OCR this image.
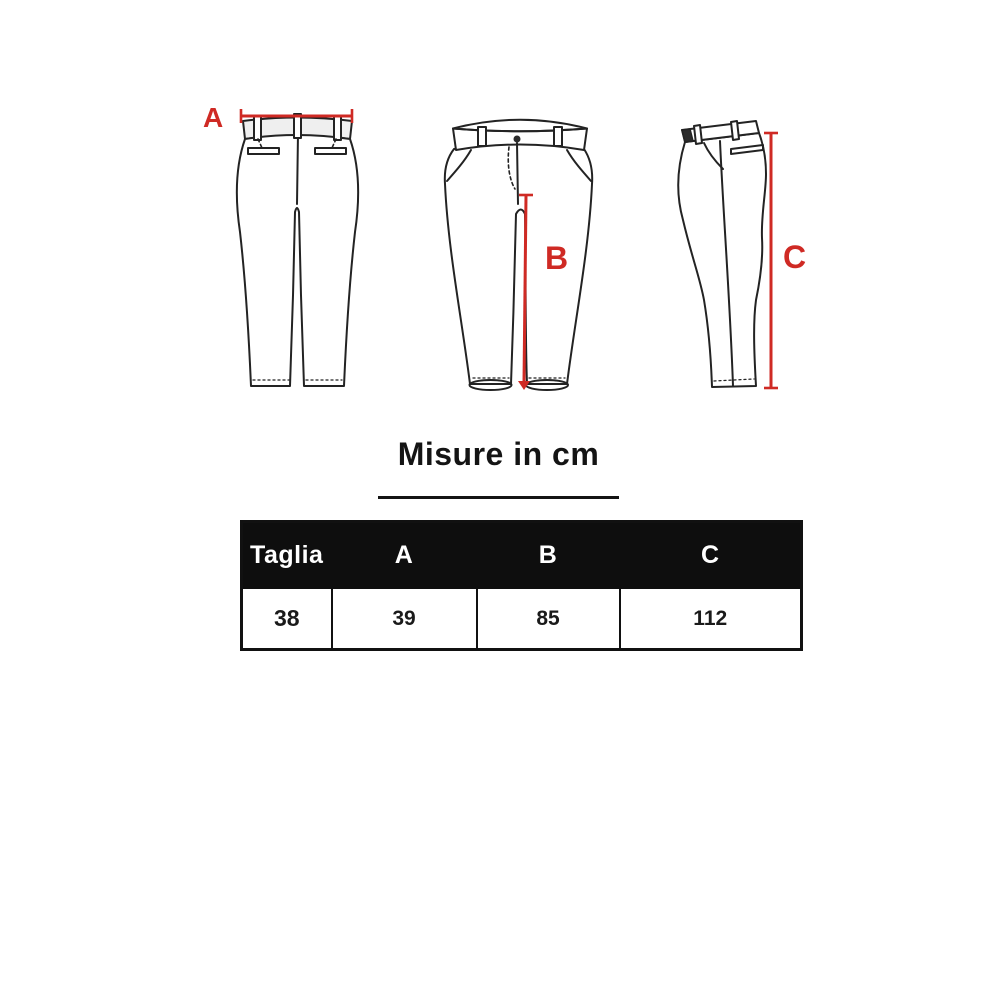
A
B	C
Misure in cm
Taglia	A	B	C
38	39	85	112
